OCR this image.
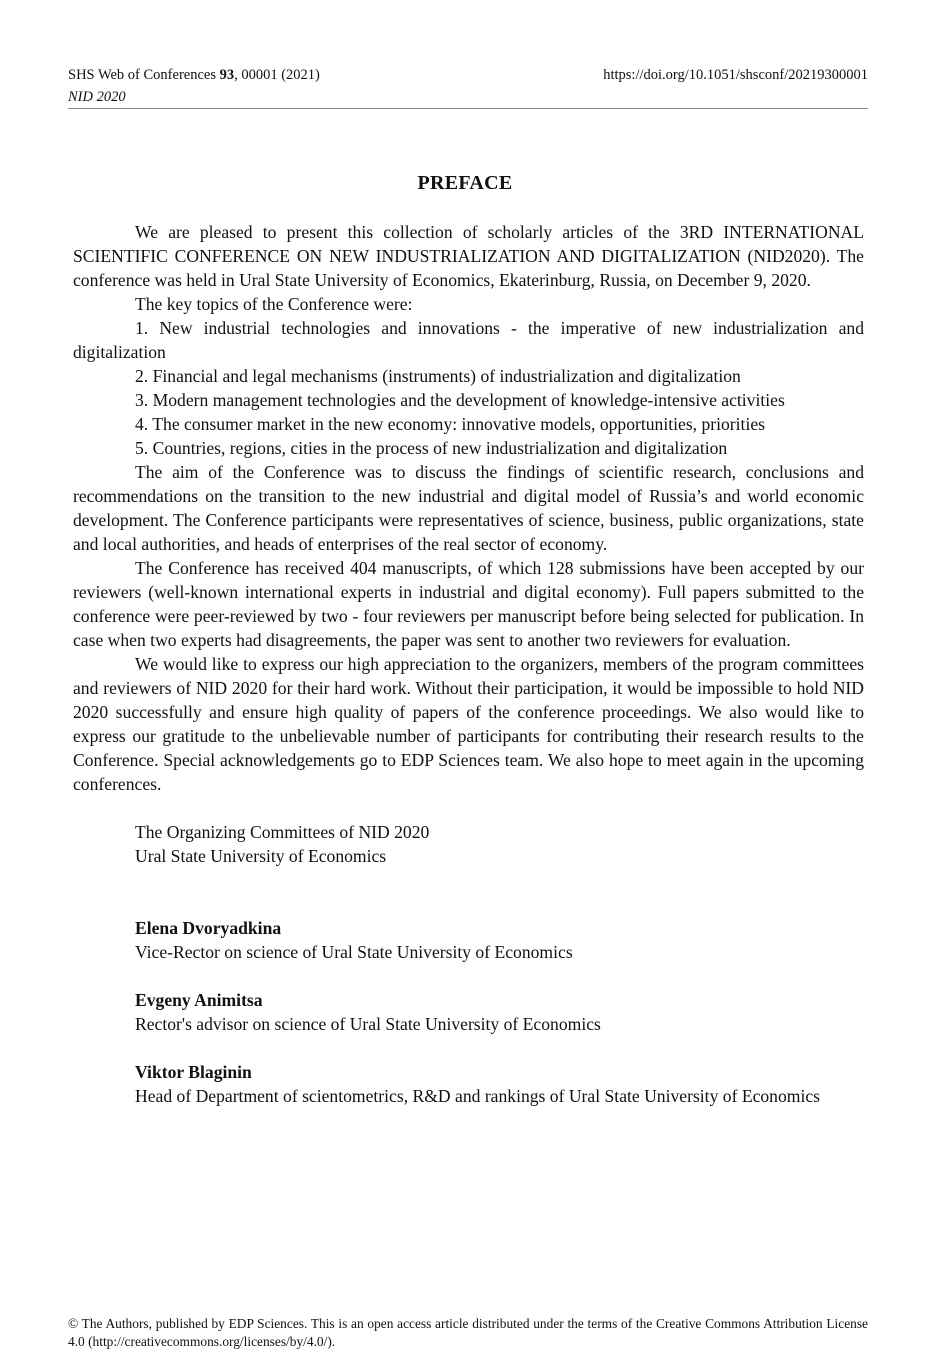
SHS Web of Conferences 93, 00001 (2021)	https://doi.org/10.1051/shsconf/20219300001
NID 2020
PREFACE

We are pleased to present this collection of scholarly articles of the 3RD INTERNATIONAL SCIENTIFIC CONFERENCE ON NEW INDUSTRIALIZATION AND DIGITALIZATION (NID2020). The conference was held in Ural State University of Economics, Ekaterinburg, Russia, on December 9, 2020.

The key topics of the Conference were:

1. New industrial technologies and innovations - the imperative of new industrialization and digitalization

2. Financial and legal mechanisms (instruments) of industrialization and digitalization

3. Modern management technologies and the development of knowledge-intensive activities

4. The consumer market in the new economy: innovative models, opportunities, priorities

5. Countries, regions, cities in the process of new industrialization and digitalization

The aim of the Conference was to discuss the findings of scientific research, conclusions and recommendations on the transition to the new industrial and digital model of Russia’s and world economic development. The Conference participants were representatives of science, business, public organizations, state and local authorities, and heads of enterprises of the real sector of economy.

The Conference has received 404 manuscripts, of which 128 submissions have been accepted by our reviewers (well-known international experts in industrial and digital economy). Full papers submitted to the conference were peer-reviewed by two - four reviewers per manuscript before being selected for publication. In case when two experts had disagreements, the paper was sent to another two reviewers for evaluation.

We would like to express our high appreciation to the organizers, members of the program committees and reviewers of NID 2020 for their hard work. Without their participation, it would be impossible to hold NID 2020 successfully and ensure high quality of papers of the conference proceedings. We also would like to express our gratitude to the unbelievable number of participants for contributing their research results to the Conference. Special acknowledgements go to EDP Sciences team. We also hope to meet again in the upcoming conferences.

The Organizing Committees of NID 2020
Ural State University of Economics
Elena Dvoryadkina
Vice-Rector on science of Ural State University of Economics
Evgeny Animitsa
Rector's advisor on science of Ural State University of Economics
Viktor Blaginin

Head of Department of scientometrics, R&D and rankings of Ural State University of Economics

© The Authors, published by EDP Sciences. This is an open access article distributed under the terms of the Creative Commons Attribution License 4.0 (http://creativecommons.org/licenses/by/4.0/).
